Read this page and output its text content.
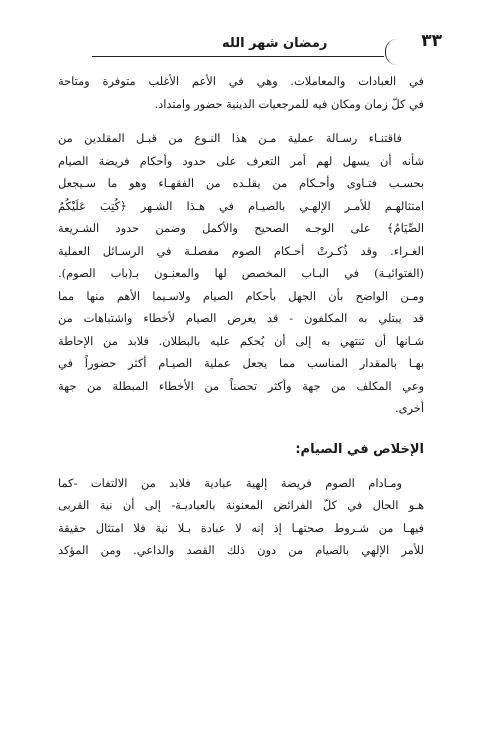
رمضان شهر الله	٣٣
في العبادات والمعاملات. وهي في الأعم الأغلب متوفرة ومتاحة
في كلّ زمان ومكان فيه للمرجعيات الدينية حضور وامتداد.
فاقتنـاء رسـالة عملية مـن هذا النـوع من قبـل المقلدين من
شأنه أن يسهل لهم أمر التعرف على حدود وأحكام فريضة الصيام
بحسـب فتـاوى وأحـكام من يقلـده من الفقهـاء وهو ما سـيجعل
امتثالهـم للأمـر الإلهـي بالصيـام في هـذا الشـهر ﴿كُتِبَ عَلَيْكُمُ
الصِّيَامُ﴾ على الوجـه الصحيح والأكمل وضمن حدود الشـريعة
الغـراء. وقد ذُكـرتْ أحـكام الصوم مفصلـة في الرسـائل العملية
(الفتوائيـة) في البـاب المخصص لها والمعنـون بـ(باب الصوم).
ومـن الواضح بأن الجهل بأحكام الصيام ولاسـيما الأهم منها مما
قد يبتلي به المكلفون - قد يعرض الصيام لأخطاء واشتباهات من
شـانها أن تنتهي به إلى أن يُحكم عليه بالبطلان. فلابد من الإحاطة
بهـا بالمقدار المناسب مما يجعل عملية الصيـام أكثر حضوراً في
وعي المكلف من جهة وأكثر تحصناً من الأخطاء المبطلة من جهة
أخرى.
الإخلاص في الصيام:
ومـادام الصوم فريضة إلهية عبادية فلابد من الالتفات -كما
هـو الحال في كلّ الفرائض المعنونة بالعباديـة- إلى أن نية القربى
فيهـا من شـروط صحتهـا إذ إنه لا عبادة بـلا نية فلا امتثال حقيقة
للأمر الإلهي بالصيام من دون ذلك القصد والداعي. ومن المؤكد
